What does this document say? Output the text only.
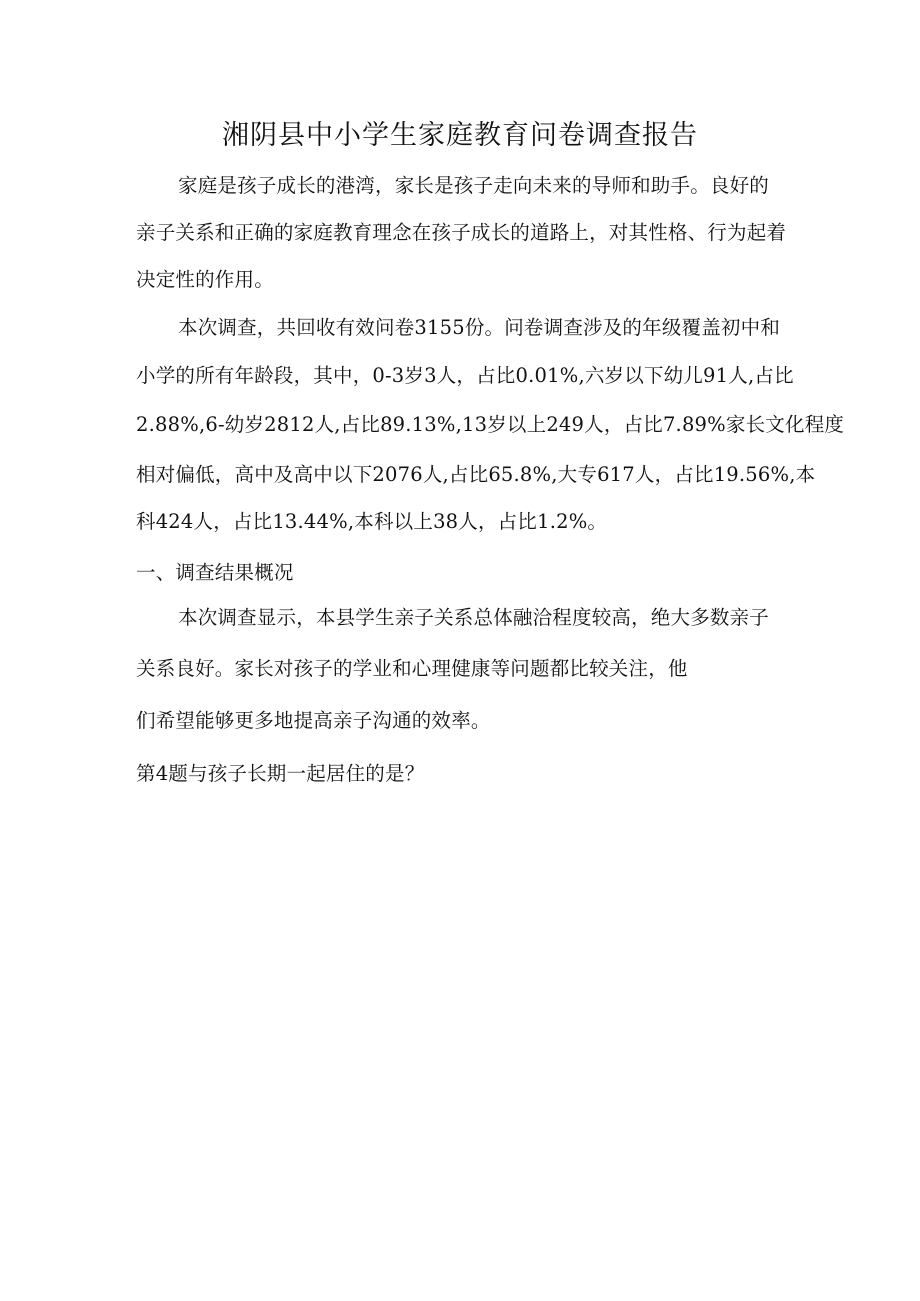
湘阴县中小学生家庭教育问卷调查报告
家庭是孩子成长的港湾，家长是孩子走向未来的导师和助手。良好的
亲子关系和正确的家庭教育理念在孩子成长的道路上，对其性格、行为起着
决定性的作用。
本次调查，共回收有效问卷3155份。问卷调查涉及的年级覆盖初中和
小学的所有年龄段，其中，0-3岁3人，占比0.01%,六岁以下幼儿91人,占比
2.88%,6-幼岁2812人,占比89.13%,13岁以上249人，占比7.89%家长文化程度
相对偏低，高中及高中以下2076人,占比65.8%,大专617人，占比19.56%,本
科424人，占比13.44%,本科以上38人，占比1.2%。
一、调查结果概况
本次调查显示，本县学生亲子关系总体融洽程度较高，绝大多数亲子
关系良好。家长对孩子的学业和心理健康等问题都比较关注，他
们希望能够更多地提高亲子沟通的效率。
第4题与孩子长期一起居住的是？
